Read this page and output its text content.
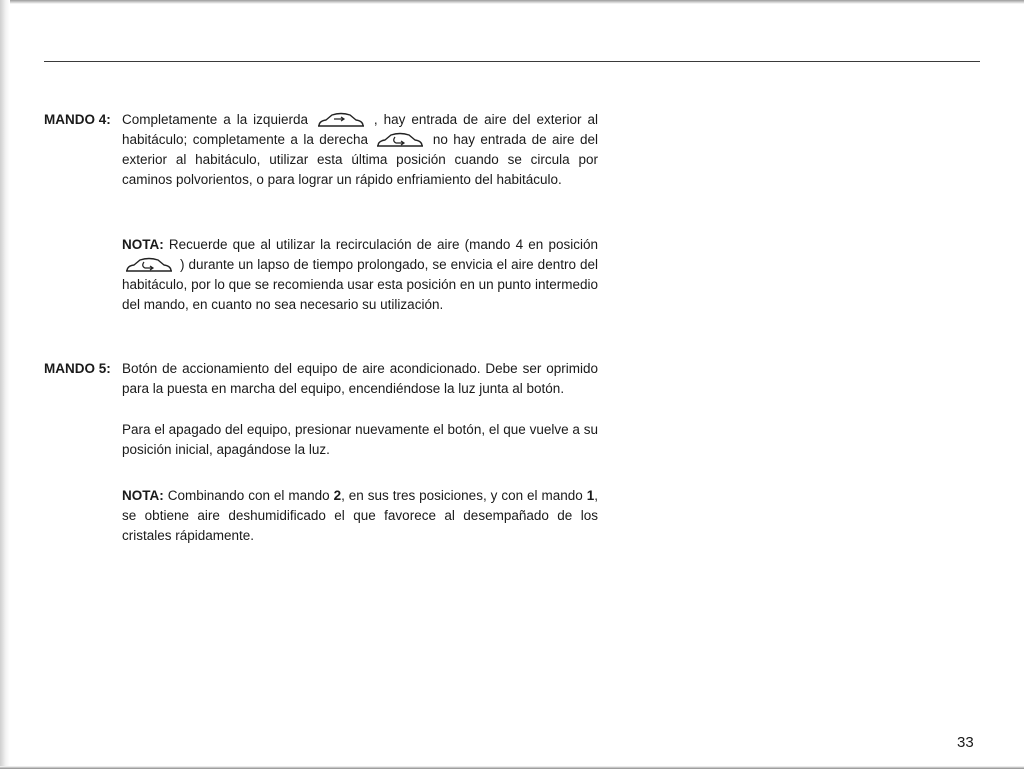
MANDO 4: Completamente a la izquierda	, hay entrada de aire del exterior al habitáculo; completamente a la derecha	no hay entrada de aire del exterior al habitáculo, utilizar esta última posición cuando se circula por caminos polvorientos, o para lograr un rápido enfriamiento del habitáculo.
NOTA: Recuerde que al utilizar la recirculación de aire (mando 4 en posición  ) durante un lapso de tiempo prolongado, se envicia el aire dentro del habitáculo, por lo que se recomienda usar esta posición en un punto intermedio del mando, en cuanto no sea necesario su utilización.
MANDO 5: Botón de accionamiento del equipo de aire acondicionado. Debe ser oprimido para la puesta en marcha del equipo, encendiéndose la luz junta al botón.
Para el apagado del equipo, presionar nuevamente el botón, el que vuelve a su posición inicial, apagándose la luz.
NOTA: Combinando con el mando 2, en sus tres posiciones, y con el mando 1, se obtiene aire deshumidificado el que favorece al desempañado de los cristales rápidamente.
33
